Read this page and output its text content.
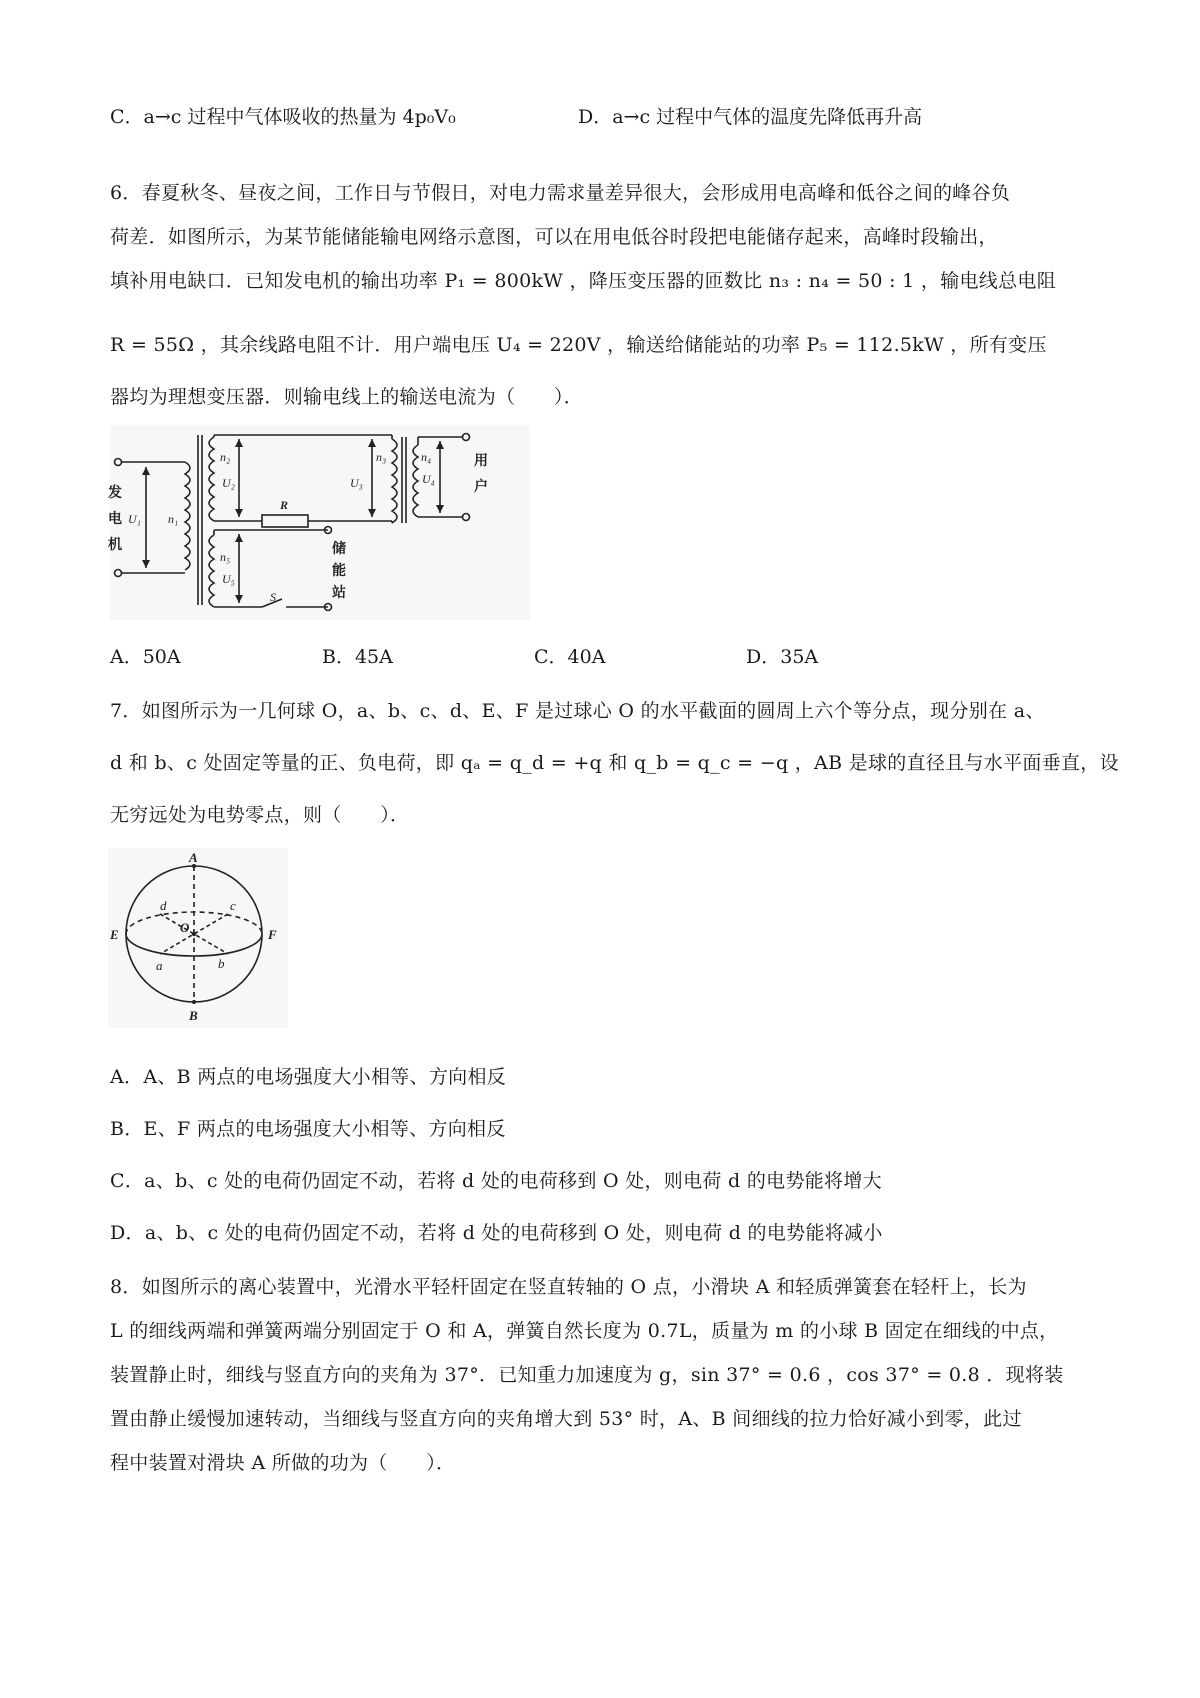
C．a→c 过程中气体吸收的热量为 4p₀V₀	D．a→c 过程中气体的温度先降低再升高
6．春夏秋冬、昼夜之间，工作日与节假日，对电力需求量差异很大，会形成用电高峰和低谷之间的峰谷负
荷差．如图所示，为某节能储能输电网络示意图，可以在用电低谷时段把电能储存起来，高峰时段输出，
填补用电缺口．已知发电机的输出功率 P₁ = 800kW ，降压变压器的匝数比 n₃ : n₄ = 50 : 1 ，输电线总电阻
R = 55Ω ，其余线路电阻不计．用户端电压 U₄ = 220V ，输送给储能站的功率 P₅ = 112.5kW ，所有变压
器均为理想变压器．则输电线上的输送电流为（　　）．
n₂
U₂
n₃
U₃
n₄
U₄
U₁ n₁
n₅
U₅
R
S
发
电
机
用
户
储
能
站
A．50A	B．45A	C．40A	D．35A
7．如图所示为一几何球 O，a、b、c、d、E、F 是过球心 O 的水平截面的圆周上六个等分点，现分别在 a、
d 和 b、c 处固定等量的正、负电荷，即 qₐ = q_d = +q 和 q_b = q_c = −q ，AB 是球的直径且与水平面垂直，设
无穷远处为电势零点，则（　　）．
A
B
E	F
O
a	b
c
d
A．A、B 两点的电场强度大小相等、方向相反
B．E、F 两点的电场强度大小相等、方向相反
C．a、b、c 处的电荷仍固定不动，若将 d 处的电荷移到 O 处，则电荷 d 的电势能将增大
D．a、b、c 处的电荷仍固定不动，若将 d 处的电荷移到 O 处，则电荷 d 的电势能将减小
8．如图所示的离心装置中，光滑水平轻杆固定在竖直转轴的 O 点，小滑块 A 和轻质弹簧套在轻杆上，长为
L 的细线两端和弹簧两端分别固定于 O 和 A，弹簧自然长度为 0.7L，质量为 m 的小球 B 固定在细线的中点，
装置静止时，细线与竖直方向的夹角为 37°．已知重力加速度为 g，sin 37° = 0.6 ，cos 37° = 0.8 ．现将装
置由静止缓慢加速转动，当细线与竖直方向的夹角增大到 53° 时，A、B 间细线的拉力恰好减小到零，此过
程中装置对滑块 A 所做的功为（　　）．
